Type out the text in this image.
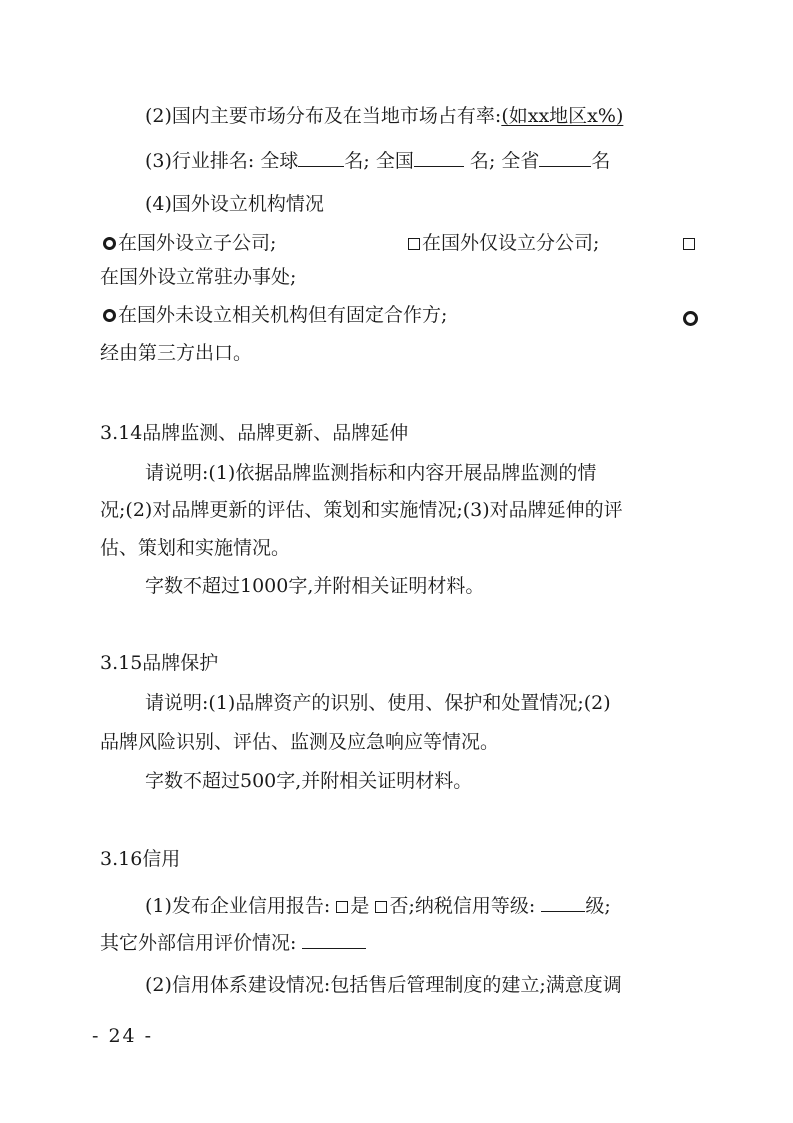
(2)国内主要市场分布及在当地市场占有率:(如xx地区x%)
(3)行业排名: 全球 名; 全国	名; 全省	名
(4)国外设立机构情况
在国外设立子公司;	在国外仅设立分公司;
在国外设立常驻办事处;
在国外未设立相关机构但有固定合作方;
经由第三方出口。
3.14品牌监测、品牌更新、品牌延伸
请说明:(1)依据品牌监测指标和内容开展品牌监测的情
况;(2)对品牌更新的评估、策划和实施情况;(3)对品牌延伸的评
估、策划和实施情况。
字数不超过1000字,并附相关证明材料。
3.15品牌保护
请说明:(1)品牌资产的识别、使用、保护和处置情况;(2)
品牌风险识别、评估、监测及应急响应等情况。
字数不超过500字,并附相关证明材料。
3.16信用
(1)发布企业信用报告: 是 否;纳税信用等级:	级;
其它外部信用评价情况:
(2)信用体系建设情况:包括售后管理制度的建立;满意度调
- 24 -
